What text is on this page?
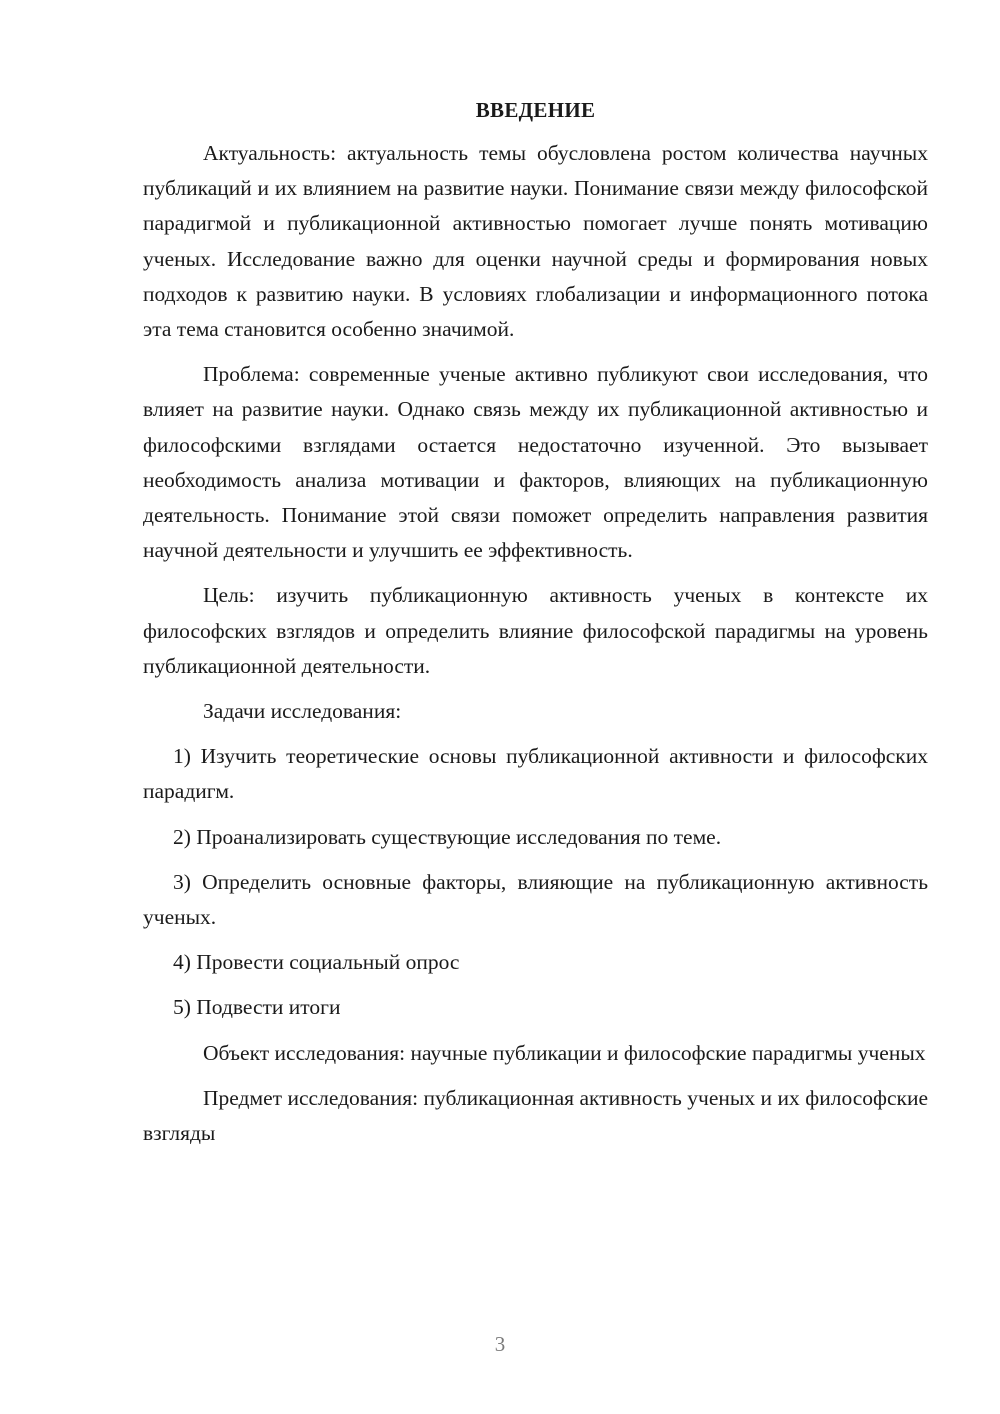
ВВЕДЕНИЕ

Актуальность: актуальность темы обусловлена ростом количества научных публикаций и их влиянием на развитие науки. Понимание связи между философской парадигмой и публикационной активностью помогает лучше понять мотивацию ученых. Исследование важно для оценки научной среды и формирования новых подходов к развитию науки. В условиях глобализации и информационного потока эта тема становится особенно значимой.

Проблема: современные ученые активно публикуют свои исследования, что влияет на развитие науки. Однако связь между их публикационной активностью и философскими взглядами остается недостаточно изученной. Это вызывает необходимость анализа мотивации и факторов, влияющих на публикационную деятельность. Понимание этой связи поможет определить направления развития научной деятельности и улучшить ее эффективность.

Цель: изучить публикационную активность ученых в контексте их философских взглядов и определить влияние философской парадигмы на уровень публикационной деятельности.

Задачи исследования:

1) Изучить теоретические основы публикационной активности и философских парадигм.

2) Проанализировать существующие исследования по теме.

3) Определить основные факторы, влияющие на публикационную активность ученых.

4) Провести социальный опрос

5) Подвести итоги

Объект исследования: научные публикации и философские парадигмы ученых

Предмет исследования: публикационная активность ученых и их философские взгляды

3
